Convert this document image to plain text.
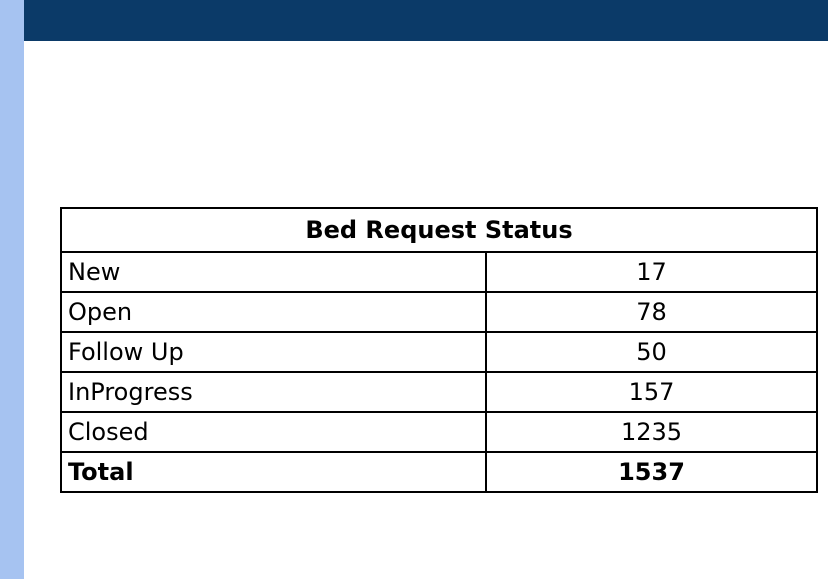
Bed Request Status	
New	17
Open	78
Follow Up	50
InProgress	157
Closed	1235
Total	1537
